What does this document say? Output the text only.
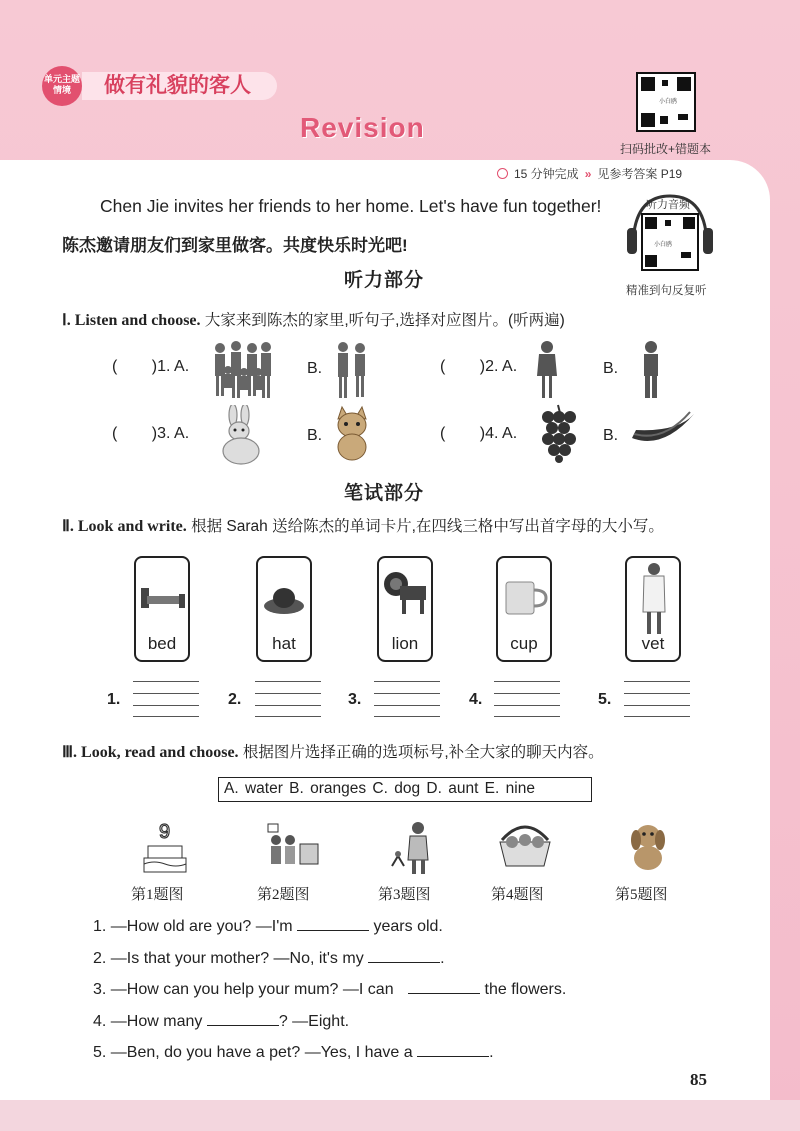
单元主题
情境	做有礼貌的客人
Revision
小白鸥
扫码批改+错题本
15 分钟完成 » 见参考答案 P19
Chen Jie invites her friends to her home. Let's have fun together!
陈杰邀请朋友们到家里做客。共度快乐时光吧!
听力音频
小白鸥
精准到句反复听
听力部分
Ⅰ. Listen and choose. 大家来到陈杰的家里,听句子,选择对应图片。(听两遍)
( )1. A.	B.	( )2. A.	B.
( )3. A.	B.	( )4. A.	B.
笔试部分
Ⅱ. Look and write. 根据 Sarah 送给陈杰的单词卡片,在四线三格中写出首字母的大小写。
bed	hat	lion	cup	vet
1.	2.	3.	4.	5.
Ⅲ. Look, read and choose. 根据图片选择正确的选项标号,补全大家的聊天内容。
A. water B. oranges C. dog D. aunt E. nine
9
第1题图	第2题图	第3题图	第4题图	第5题图
1. —How old are you? —I'm	years old.
2. —Is that your mother? —No, it's my	.
3. —How can you help your mum? —I can	the flowers.
4. —How many	? —Eight.
5. —Ben, do you have a pet? —Yes, I have a	.
85
